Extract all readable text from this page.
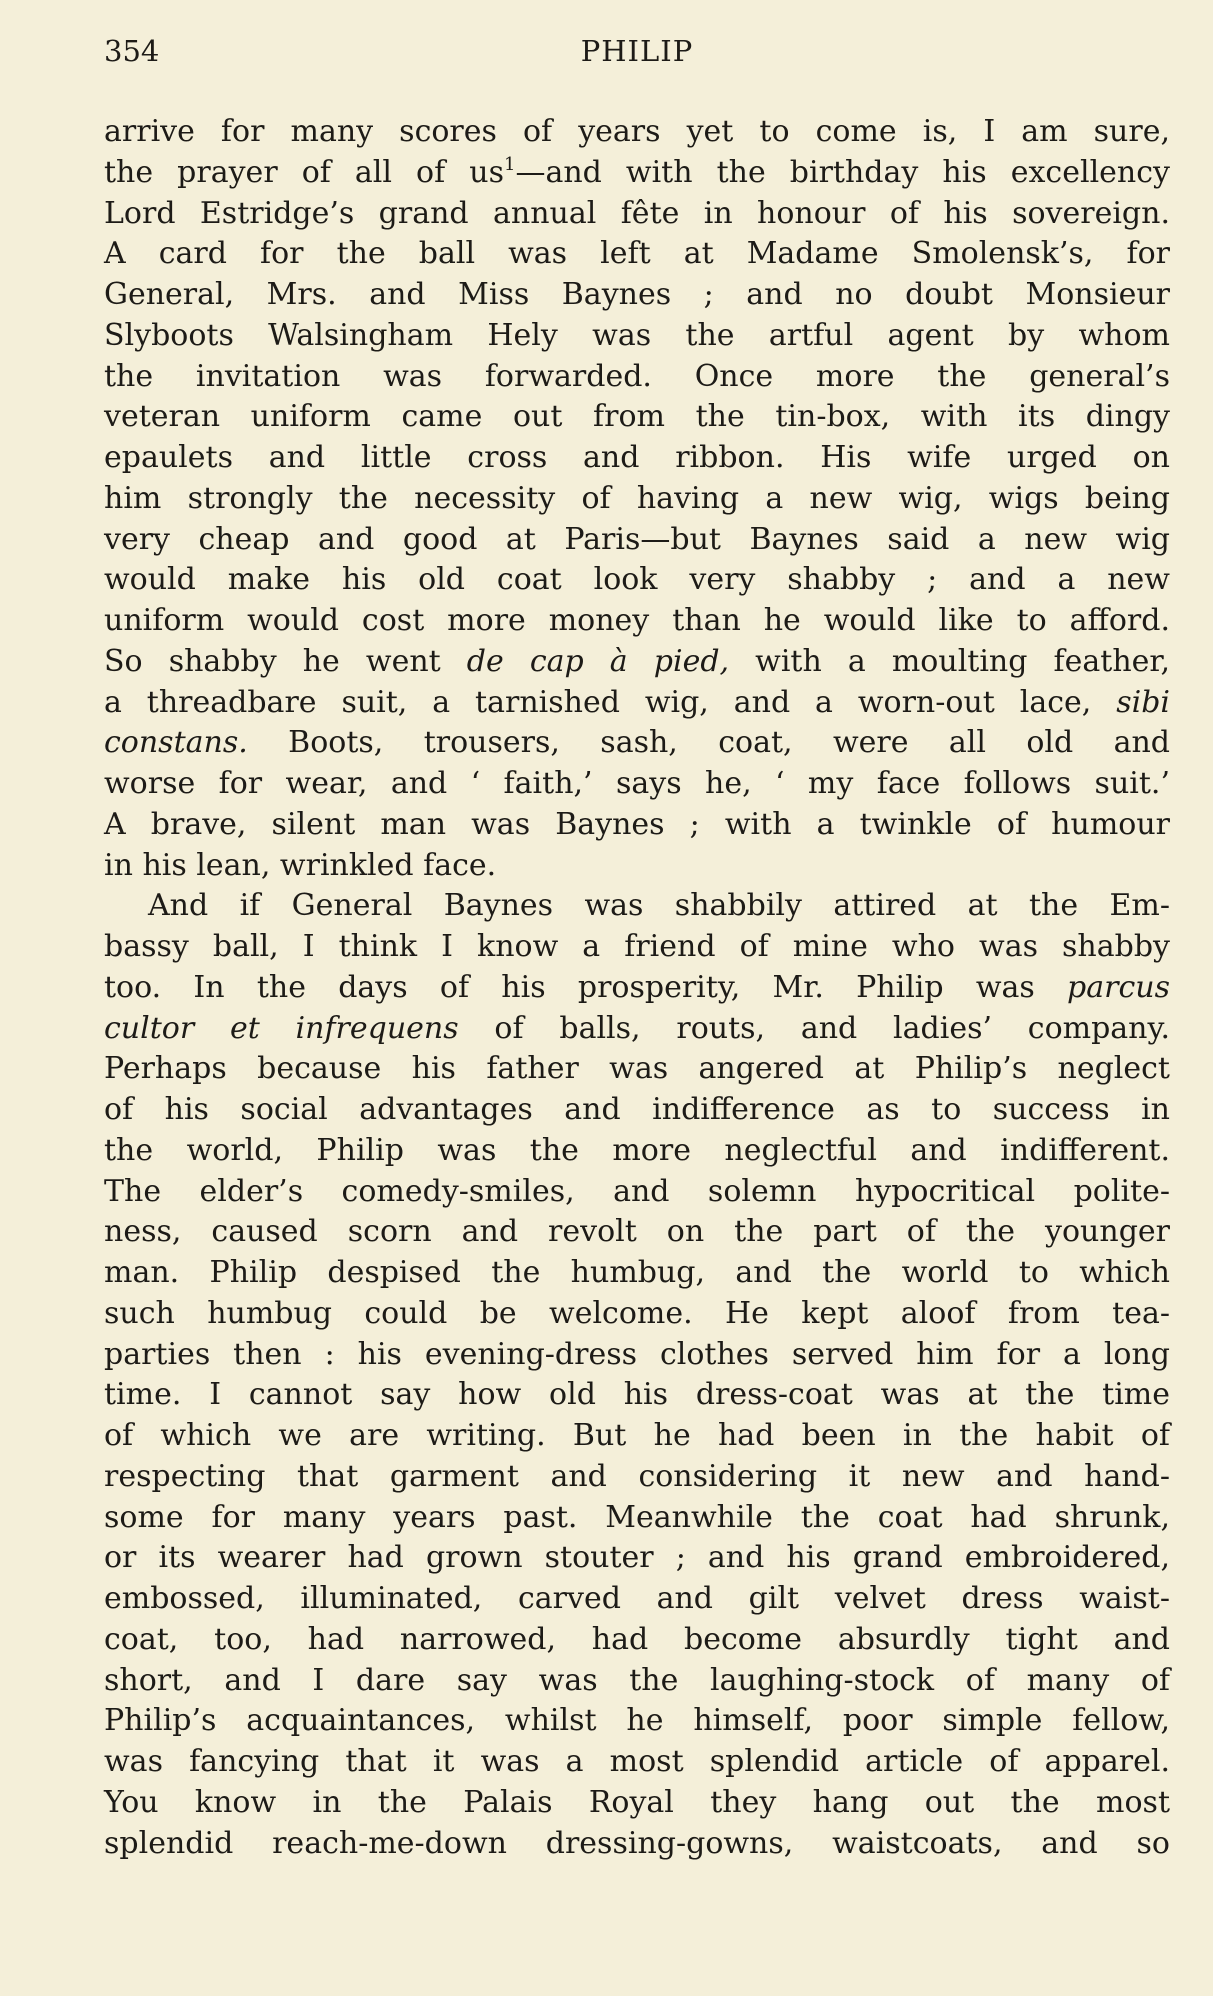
354	PHILIP
arrive for many scores of years yet to come is, I am sure,
the prayer of all of $us^1—and$ with the birthday his excellency
Lord Estridge’s grand annual fête in honour of his sovereign.
A card for the ball was left at Madame Smolensk’s, for
General, Mrs. and Miss Baynes ; and no doubt Monsieur
Slyboots Walsingham Hely was the artful agent by whom
the invitation was forwarded. Once more the general’s
veteran uniform came out from the tin-box, with its dingy
epaulets and little cross and ribbon. His wife urged on
him strongly the necessity of having a new wig, wigs being
very cheap and good at Paris—but Baynes said a new wig
would make his old coat look very shabby ; and a new
uniform would cost more money than he would like to afford.
So shabby he went de cap à pied, with a moulting feather,
a threadbare suit, a tarnished wig, and a worn-out lace, sibi
constans. Boots, trousers, sash, coat, were all old and
worse for wear, and ‘ faith,’ says he, ‘ my face follows suit.’
A brave, silent man was Baynes ; with a twinkle of humour
in his lean, wrinkled face.
And if General Baynes was shabbily attired at the Em-
bassy ball, I think I know a friend of mine who was shabby
too. In the days of his prosperity, Mr. Philip was parcus
cultor et infrequens of balls, routs, and ladies’ company.
Perhaps because his father was angered at Philip’s neglect
of his social advantages and indifference as to success in
the world, Philip was the more neglectful and indifferent.
The elder’s comedy-smiles, and solemn hypocritical polite-
ness, caused scorn and revolt on the part of the younger
man. Philip despised the humbug, and the world to which
such humbug could be welcome. He kept aloof from tea-
parties then : his evening-dress clothes served him for a long
time. I cannot say how old his dress-coat was at the time
of which we are writing. But he had been in the habit of
respecting that garment and considering it new and hand-
some for many years past. Meanwhile the coat had shrunk,
or its wearer had grown stouter ; and his grand embroidered,
embossed, illuminated, carved and gilt velvet dress waist-
coat, too, had narrowed, had become absurdly tight and
short, and I dare say was the laughing-stock of many of
Philip’s acquaintances, whilst he himself, poor simple fellow,
was fancying that it was a most splendid article of apparel.
You know in the Palais Royal they hang out the most
splendid reach-me-down dressing-gowns, waistcoats, and so
